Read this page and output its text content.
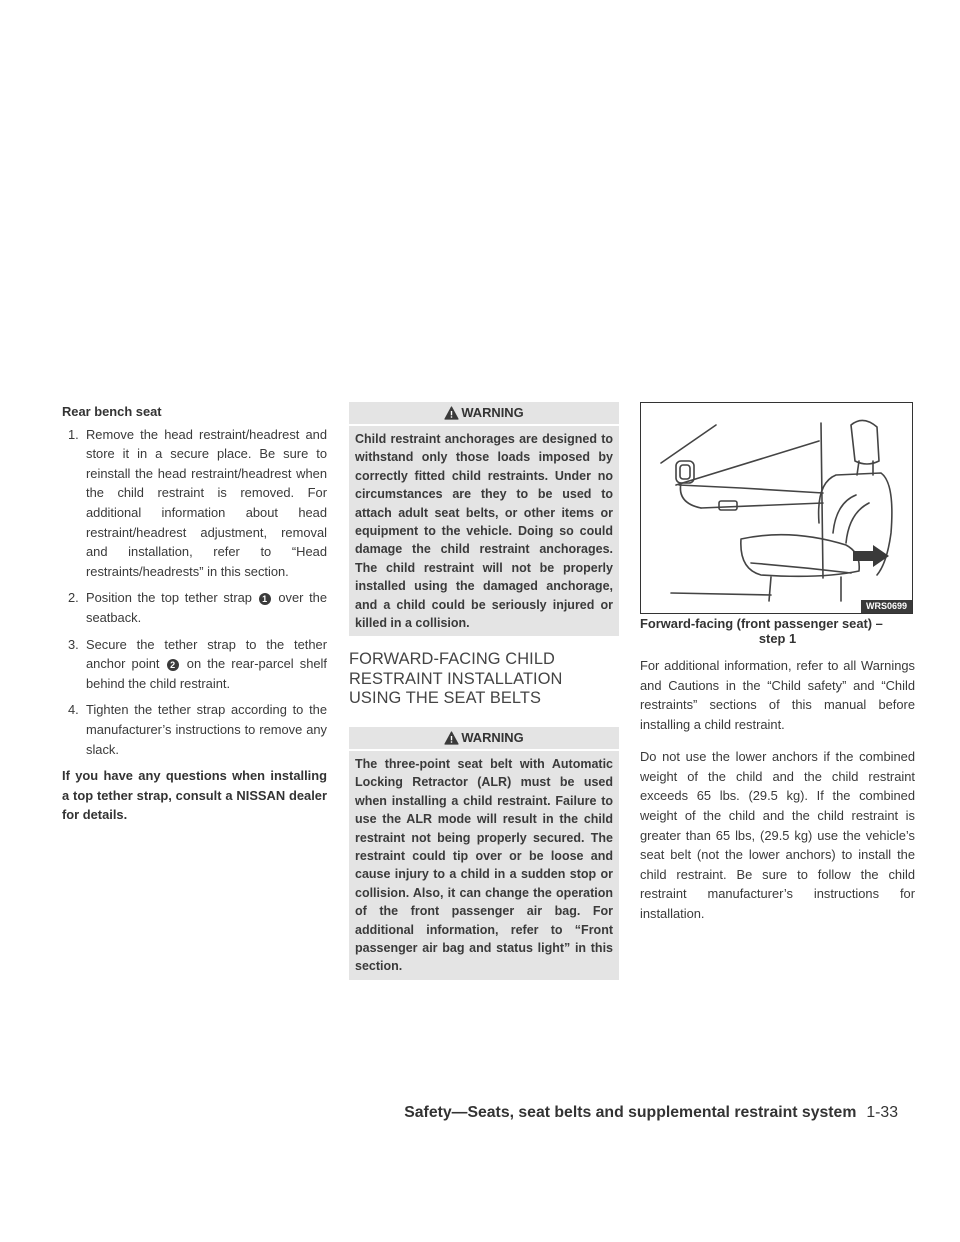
Rear bench seat
1. Remove the head restraint/headrest and store it in a secure place. Be sure to reinstall the head restraint/headrest when the child restraint is removed. For additional information about head restraint/headrest adjustment, removal and installation, refer to “Head restraints/headrests” in this section.
2. Position the top tether strap 1 over the seatback.
3. Secure the tether strap to the tether anchor point 2 on the rear-parcel shelf behind the child restraint.
4. Tighten the tether strap according to the manufacturer’s instructions to remove any slack.
If you have any questions when installing a top tether strap, consult a NISSAN dealer for details.
WARNING
Child restraint anchorages are designed to withstand only those loads imposed by correctly fitted child restraints. Under no circumstances are they to be used to attach adult seat belts, or other items or equipment to the vehicle. Doing so could damage the child restraint anchorages. The child restraint will not be properly installed using the damaged anchorage, and a child could be seriously injured or killed in a collision.
FORWARD-FACING CHILD RESTRAINT INSTALLATION USING THE SEAT BELTS
WARNING
The three-point seat belt with Automatic Locking Retractor (ALR) must be used when installing a child restraint. Failure to use the ALR mode will result in the child restraint not being properly secured. The restraint could tip over or be loose and cause injury to a child in a sudden stop or collision. Also, it can change the operation of the front passenger air bag. For additional information, refer to “Front passenger air bag and status light” in this section.
WRS0699
Forward-facing (front passenger seat) –
step 1

For additional information, refer to all Warnings and Cautions in the “Child safety” and “Child restraints” sections of this manual before installing a child restraint.

Do not use the lower anchors if the combined weight of the child and the child restraint exceeds 65 lbs. (29.5 kg). If the combined weight of the child and the child restraint is greater than 65 lbs, (29.5 kg) use the vehicle’s seat belt (not the lower anchors) to install the child restraint. Be sure to follow the child restraint manufacturer’s instructions for installation.

Safety—Seats, seat belts and supplemental restraint system 1-33
